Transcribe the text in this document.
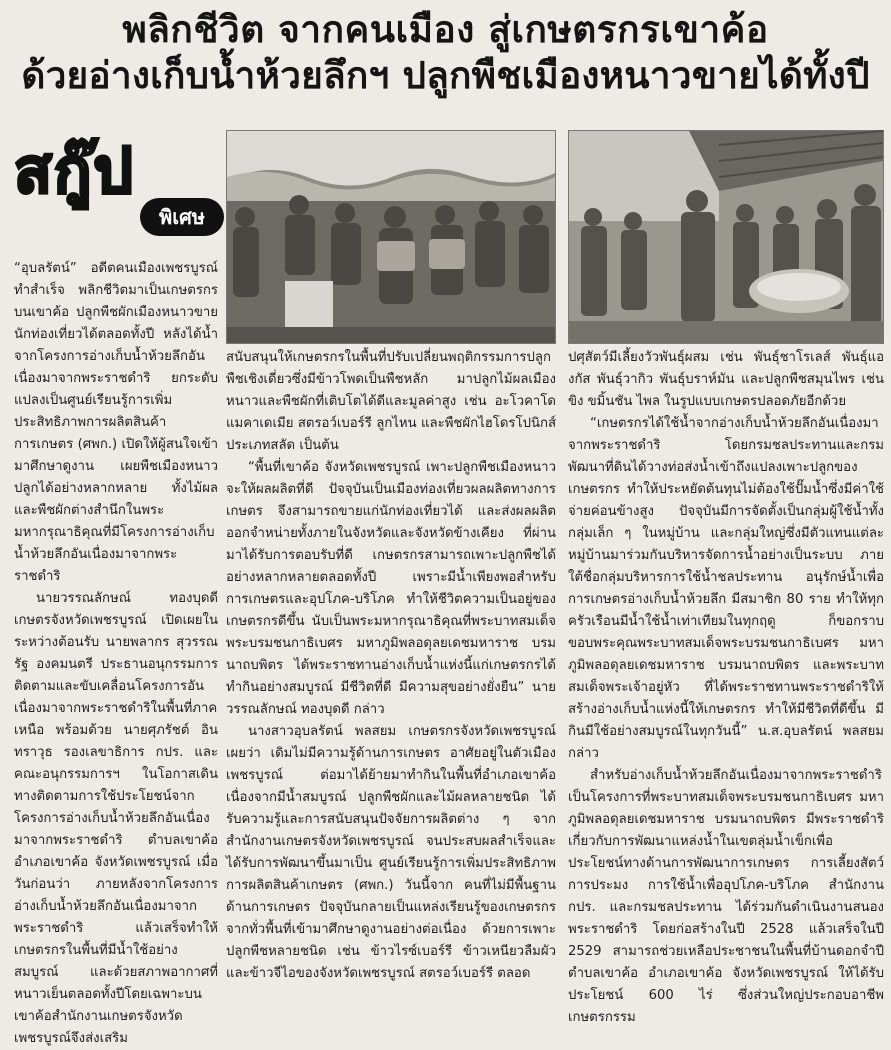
พลิกชีวิต จากคนเมือง สู่เกษตรกรเขาค้อ
ด้วยอ่างเก็บน้ำห้วยลึกฯ ปลูกพืชเมืองหนาวขายได้ทั้งปี
สกู๊ป
พิเศษ

“อุบลรัตน์” อดีตคนเมืองเพชรบูรณ์ทำสำเร็จ พลิกชีวิตมาเป็นเกษตรกรบนเขาค้อ ปลูกพืชผักเมืองหนาวขายนักท่องเที่ยวได้ตลอดทั้งปี หลังได้น้ำจากโครงการอ่างเก็บน้ำห้วยลึกอันเนื่องมาจากพระราชดำริ ยกระดับแปลงเป็นศูนย์เรียนรู้การเพิ่มประสิทธิภาพการผลิตสินค้าการเกษตร (ศพก.) เปิดให้ผู้สนใจเข้ามาศึกษาดูงาน เผยพืชเมืองหนาวปลูกได้อย่างหลากหลาย ทั้งไม้ผล และพืชผักต่างสำนึกในพระมหากรุณาธิคุณที่มีโครงการอ่างเก็บน้ำห้วยลึกอันเนื่องมาจากพระราชดำริ

นายวรรณลักษณ์ ทองบุดดี เกษตรจังหวัดเพชรบูรณ์ เปิดเผยในระหว่างต้อนรับ นายพลากร สุวรรณรัฐ องคมนตรี ประธานอนุกรรมการติดตามและขับเคลื่อนโครงการอันเนื่องมาจากพระราชดำริในพื้นที่ภาคเหนือ พร้อมด้วย นายศุภรัชต์ อินทราวุธ รองเลขาธิการ กปร. และคณะอนุกรรมการฯ ในโอกาสเดินทางติดตามการใช้ประโยชน์จากโครงการอ่างเก็บน้ำห้วยลึกอันเนื่องมาจากพระราชดำริ ตำบลเขาค้อ อำเภอเขาค้อ จังหวัดเพชรบูรณ์ เมื่อวันก่อนว่า ภายหลังจากโครงการอ่างเก็บน้ำห้วยลึกอันเนื่องมาจากพระราชดำริ แล้วเสร็จทำให้เกษตรกรในพื้นที่มีน้ำใช้อย่างสมบูรณ์ และด้วยสภาพอากาศที่หนาวเย็นตลอดทั้งปีโดยเฉพาะบนเขาค้อสำนักงานเกษตรจังหวัดเพชรบูรณ์จึงส่งเสริม

สนับสนุนให้เกษตรกรในพื้นที่ปรับเปลี่ยนพฤติกรรมการปลูกพืชเชิงเดี่ยวซึ่งมีข้าวโพดเป็นพืชหลัก มาปลูกไม้ผลเมืองหนาวและพืชผักที่เติบโตได้ดีและมูลค่าสูง เช่น อะโวคาโด แมคาเดเมีย สตรอว์เบอร์รี ลูกไหน และพืชผักไฮโดรโปนิกส์ประเภทสลัด เป็นต้น

“พื้นที่เขาค้อ จังหวัดเพชรบูรณ์ เพาะปลูกพืชเมืองหนาวจะให้ผลผลิตที่ดี ปัจจุบันเป็นเมืองท่องเที่ยวผลผลิตทางการเกษตร จึงสามารถขายแก่นักท่องเที่ยวได้ และส่งผลผลิตออกจำหน่ายทั้งภายในจังหวัดและจังหวัดข้างเคียง ที่ผ่านมาได้รับการตอบรับที่ดี เกษตรกรสามารถเพาะปลูกพืชได้อย่างหลากหลายตลอดทั้งปี เพราะมีน้ำเพียงพอสำหรับการเกษตรและอุปโภค-บริโภค ทำให้ชีวิตความเป็นอยู่ของเกษตรกรดีขึ้น นับเป็นพระมหากรุณาธิคุณที่พระบาทสมเด็จพระบรมชนกาธิเบศร มหาภูมิพลอดุลยเดชมหาราช บรมนาถบพิตร ได้พระราชทานอ่างเก็บน้ำแห่งนี้แก่เกษตรกรได้ทำกินอย่างสมบูรณ์ มีชีวิตที่ดี มีความสุขอย่างยั่งยืน” นายวรรณลักษณ์ ทองบุดดี กล่าว

นางสาวอุบลรัตน์ พลสยม เกษตรกรจังหวัดเพชรบูรณ์ เผยว่า เดิมไม่มีความรู้ด้านการเกษตร อาศัยอยู่ในตัวเมืองเพชรบูรณ์ ต่อมาได้ย้ายมาทำกินในพื้นที่อำเภอเขาค้อเนื่องจากมีน้ำสมบูรณ์ ปลูกพืชผักและไม้ผลหลายชนิด ได้รับความรู้และการสนับสนุนปัจจัยการผลิตต่าง ๆ จากสำนักงานเกษตรจังหวัดเพชรบูรณ์ จนประสบผลสำเร็จและได้รับการพัฒนาขึ้นมาเป็น ศูนย์เรียนรู้การเพิ่มประสิทธิภาพการผลิตสินค้าเกษตร (ศพก.) วันนี้จาก คนที่ไม่มีพื้นฐานด้านการเกษตร ปัจจุบันกลายเป็นแหล่งเรียนรู้ของเกษตรกรจากทั่วพื้นที่เข้ามาศึกษาดูงานอย่างต่อเนื่อง ด้วยการเพาะปลูกพืชหลายชนิด เช่น ข้าวไรซ์เบอร์รี ข้าวเหนียวลืมผัว และข้าวจีไอของจังหวัดเพชรบูรณ์ สตรอว์เบอร์รี ตลอด

ปศุสัตว์มีเลี้ยงวัวพันธุ์ผสม เช่น พันธุ์ชาโรเลส์ พันธุ์แองกัส พันธุ์วากิว พันธุ์บราห์มัน และปลูกพืชสมุนไพร เช่น ขิง ขมิ้นชัน ไพล ในรูปแบบเกษตรปลอดภัยอีกด้วย

“เกษตรกรได้ใช้น้ำจากอ่างเก็บน้ำห้วยลึกอันเนื่องมาจากพระราชดำริ โดยกรมชลประทานและกรมพัฒนาที่ดินได้วางท่อส่งน้ำเข้าถึงแปลงเพาะปลูกของเกษตรกร ทำให้ประหยัดต้นทุนไม่ต้องใช้ปั๊มน้ำซึ่งมีค่าใช้จ่ายค่อนข้างสูง ปัจจุบันมีการจัดตั้งเป็นกลุ่มผู้ใช้น้ำทั้งกลุ่มเล็ก ๆ ในหมู่บ้าน และกลุ่มใหญ่ซึ่งมีตัวแทนแต่ละหมู่บ้านมาร่วมกันบริหารจัดการน้ำอย่างเป็นระบบ ภายใต้ชื่อกลุ่มบริหารการใช้น้ำชลประทาน อนุรักษ์น้ำเพื่อการเกษตรอ่างเก็บน้ำห้วยลึก มีสมาชิก 80 ราย ทำให้ทุกครัวเรือนมีน้ำใช้น้ำเท่าเทียมในทุกฤดู ก็ขอกราบขอบพระคุณพระบาทสมเด็จพระบรมชนกาธิเบศร มหาภูมิพลอดุลยเดชมหาราช บรมนาถบพิตร และพระบาทสมเด็จพระเจ้าอยู่หัว ที่ได้พระราชทานพระราชดำริให้สร้างอ่างเก็บน้ำแห่งนี้ให้เกษตรกร ทำให้มีชีวิตที่ดีขึ้น มีกินมีใช้อย่างสมบูรณ์ในทุกวันนี้” น.ส.อุบลรัตน์ พลสยม กล่าว

สำหรับอ่างเก็บน้ำห้วยลึกอันเนื่องมาจากพระราชดำริ เป็นโครงการที่พระบาทสมเด็จพระบรมชนกาธิเบศร มหาภูมิพลอดุลยเดชมหาราช บรมนาถบพิตร มีพระราชดำริเกี่ยวกับการพัฒนาแหล่งน้ำในเขตลุ่มน้ำเข็กเพื่อประโยชน์ทางด้านการพัฒนาการเกษตร การเลี้ยงสัตว์ การประมง การใช้น้ำเพื่ออุปโภค-บริโภค สำนักงาน กปร. และกรมชลประทาน ได้ร่วมกันดำเนินงานสนองพระราชดำริ โดยก่อสร้างในปี 2528 แล้วเสร็จในปี 2529 สามารถช่วยเหลือประชาชนในพื้นที่บ้านดอกจำปี ตำบลเขาค้อ อำเภอเขาค้อ จังหวัดเพชรบูรณ์ ให้ได้รับประโยชน์ 600 ไร่ ซึ่งส่วนใหญ่ประกอบอาชีพเกษตรกรรม
